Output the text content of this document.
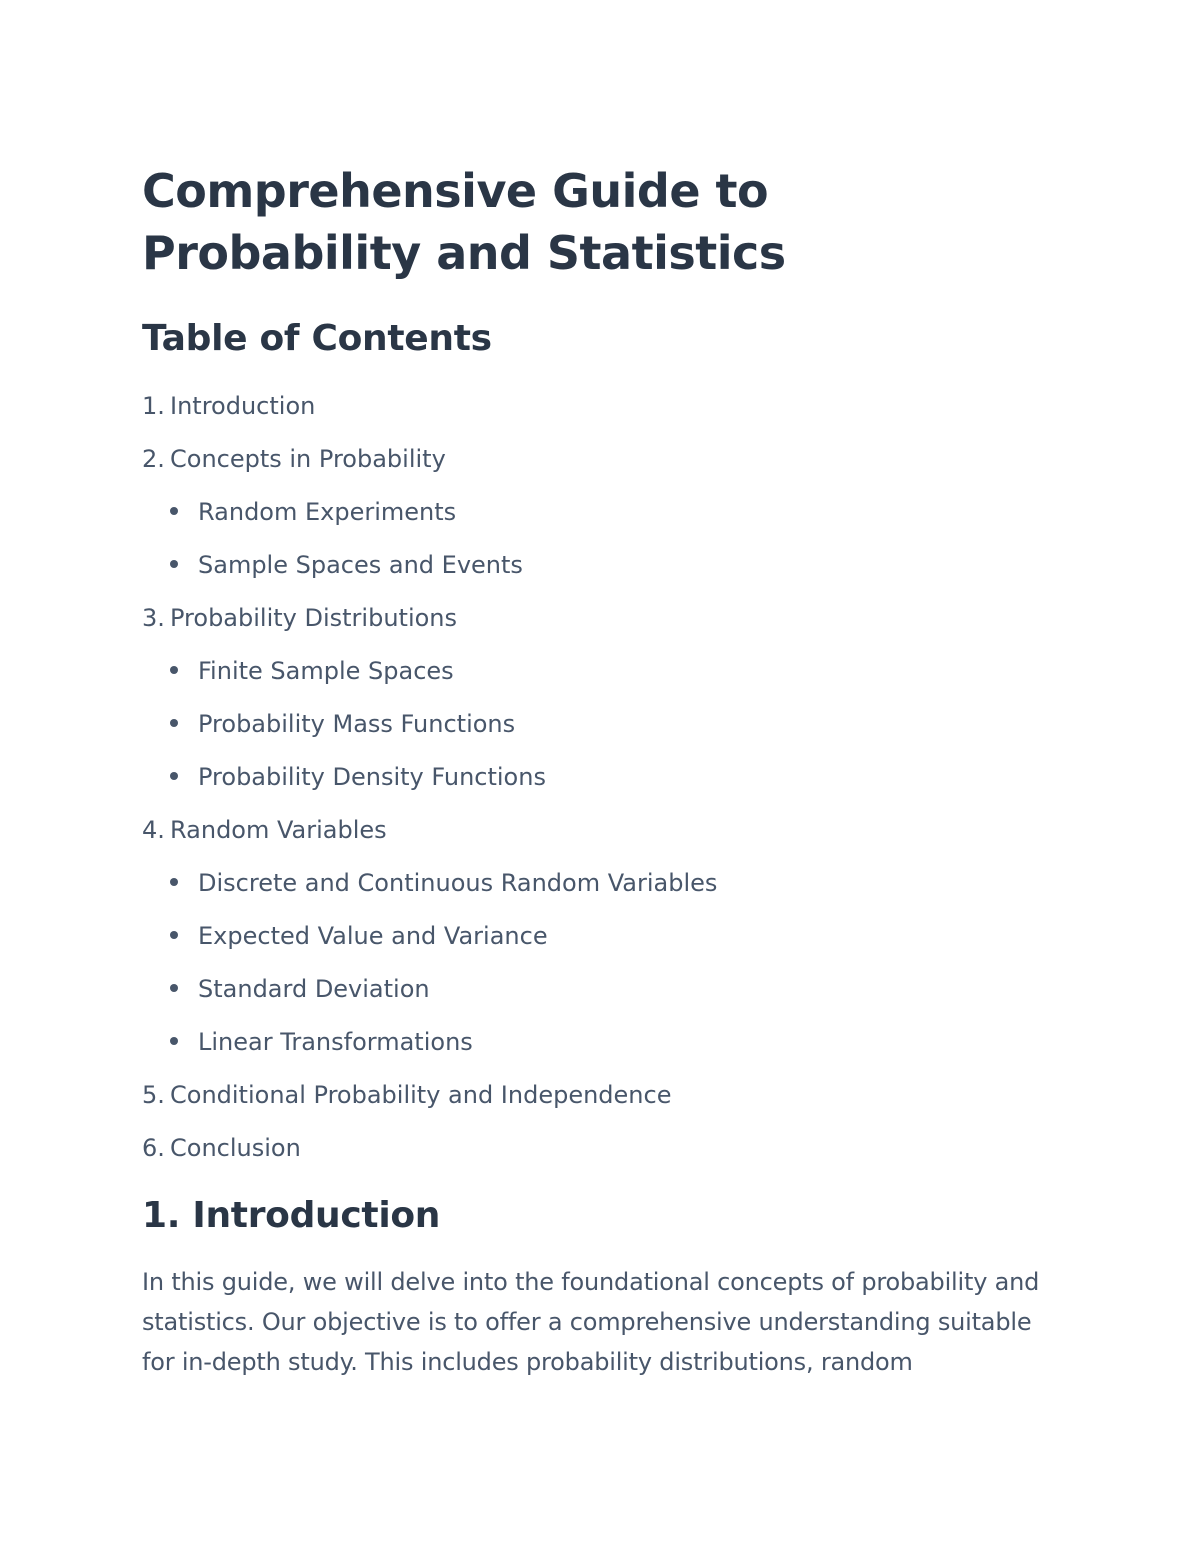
Comprehensive Guide to Probability and Statistics
Table of Contents
1. Introduction
2. Concepts in Probability
Random Experiments
Sample Spaces and Events
3. Probability Distributions
Finite Sample Spaces
Probability Mass Functions
Probability Density Functions
4. Random Variables
Discrete and Continuous Random Variables
Expected Value and Variance
Standard Deviation
Linear Transformations
5. Conditional Probability and Independence
6. Conclusion
1. Introduction

In this guide, we will delve into the foundational concepts of probability and statistics. Our objective is to offer a comprehensive understanding suitable for in-depth study. This includes probability distributions, random
